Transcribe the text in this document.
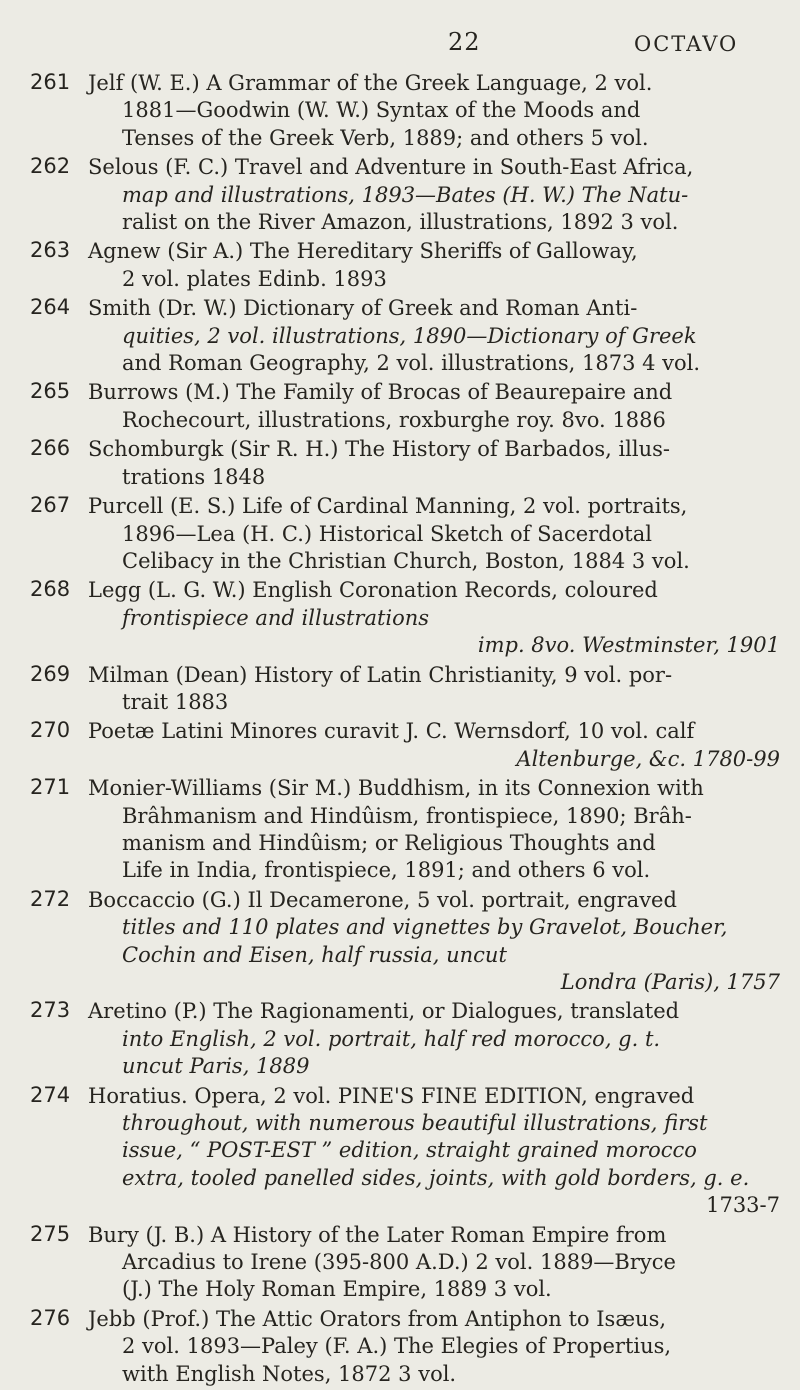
22	OCTAVO
261 Jelf (W. E.) A Grammar of the Greek Language, 2 vol.
1881—Goodwin (W. W.) Syntax of the Moods and
Tenses of the Greek Verb, 1889; and others 5 vol.
262 Selous (F. C.) Travel and Adventure in South-East Africa,
map and illustrations, 1893—Bates (H. W.) The Natu-
ralist on the River Amazon, illustrations, 1892 3 vol.
263 Agnew (Sir A.) The Hereditary Sheriffs of Galloway,
2 vol. plates Edinb. 1893
264 Smith (Dr. W.) Dictionary of Greek and Roman Anti-
quities, 2 vol. illustrations, 1890—Dictionary of Greek
and Roman Geography, 2 vol. illustrations, 1873 4 vol.
265 Burrows (M.) The Family of Brocas of Beaurepaire and
Rochecourt, illustrations, roxburghe roy. 8vo. 1886
266 Schomburgk (Sir R. H.) The History of Barbados, illus-
trations 1848
267 Purcell (E. S.) Life of Cardinal Manning, 2 vol. portraits,
1896—Lea (H. C.) Historical Sketch of Sacerdotal
Celibacy in the Christian Church, Boston, 1884 3 vol.
268 Legg (L. G. W.) English Coronation Records, coloured
frontispiece and illustrations
imp. 8vo. Westminster, 1901
269 Milman (Dean) History of Latin Christianity, 9 vol. por-
trait 1883
270 Poetæ Latini Minores curavit J. C. Wernsdorf, 10 vol. calf
Altenburge, &c. 1780-99
271 Monier-Williams (Sir M.) Buddhism, in its Connexion with
Brâhmanism and Hindûism, frontispiece, 1890; Brâh-
manism and Hindûism; or Religious Thoughts and
Life in India, frontispiece, 1891; and others 6 vol.
272 Boccaccio (G.) Il Decamerone, 5 vol. portrait, engraved
titles and 110 plates and vignettes by Gravelot, Boucher,
Cochin and Eisen, half russia, uncut
Londra (Paris), 1757
273 Aretino (P.) The Ragionamenti, or Dialogues, translated
into English, 2 vol. portrait, half red morocco, g. t.
uncut Paris, 1889
274 Horatius. Opera, 2 vol. PINE'S FINE EDITION, engraved
throughout, with numerous beautiful illustrations, first
issue, “ POST-EST ” edition, straight grained morocco
extra, tooled panelled sides, joints, with gold borders, g. e.
1733-7
275 Bury (J. B.) A History of the Later Roman Empire from
Arcadius to Irene (395-800 A.D.) 2 vol. 1889—Bryce
(J.) The Holy Roman Empire, 1889 3 vol.
276 Jebb (Prof.) The Attic Orators from Antiphon to Isæus,
2 vol. 1893—Paley (F. A.) The Elegies of Propertius,
with English Notes, 1872 3 vol.
